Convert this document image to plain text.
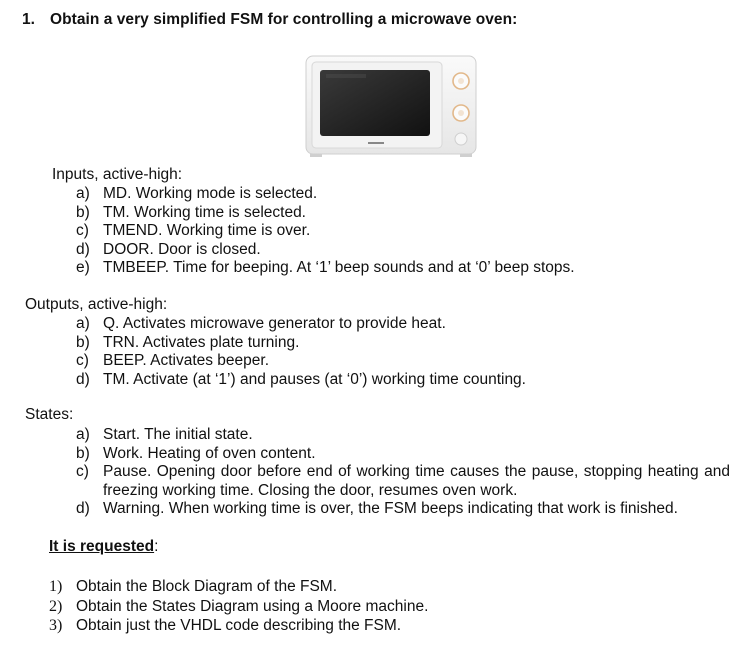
1. Obtain a very simplified FSM for controlling a microwave oven:
Inputs, active-high:
a) MD. Working mode is selected.
b) TM. Working time is selected.
c) TMEND. Working time is over.
d) DOOR. Door is closed.
e) TMBEEP. Time for beeping. At ‘1’ beep sounds and at ‘0’ beep stops.
Outputs, active-high:
a) Q. Activates microwave generator to provide heat.
b) TRN. Activates plate turning.
c) BEEP. Activates beeper.
d) TM. Activate (at ‘1’) and pauses (at ‘0’) working time counting.
States:
a) Start. The initial state.
b) Work. Heating of oven content.
c) Pause. Opening door before end of working time causes the pause, stopping heating and freezing working time. Closing the door, resumes oven work.
d) Warning. When working time is over, the FSM beeps indicating that work is finished.
It is requested:
1) Obtain the Block Diagram of the FSM.
2) Obtain the States Diagram using a Moore machine.
3) Obtain just the VHDL code describing the FSM.
